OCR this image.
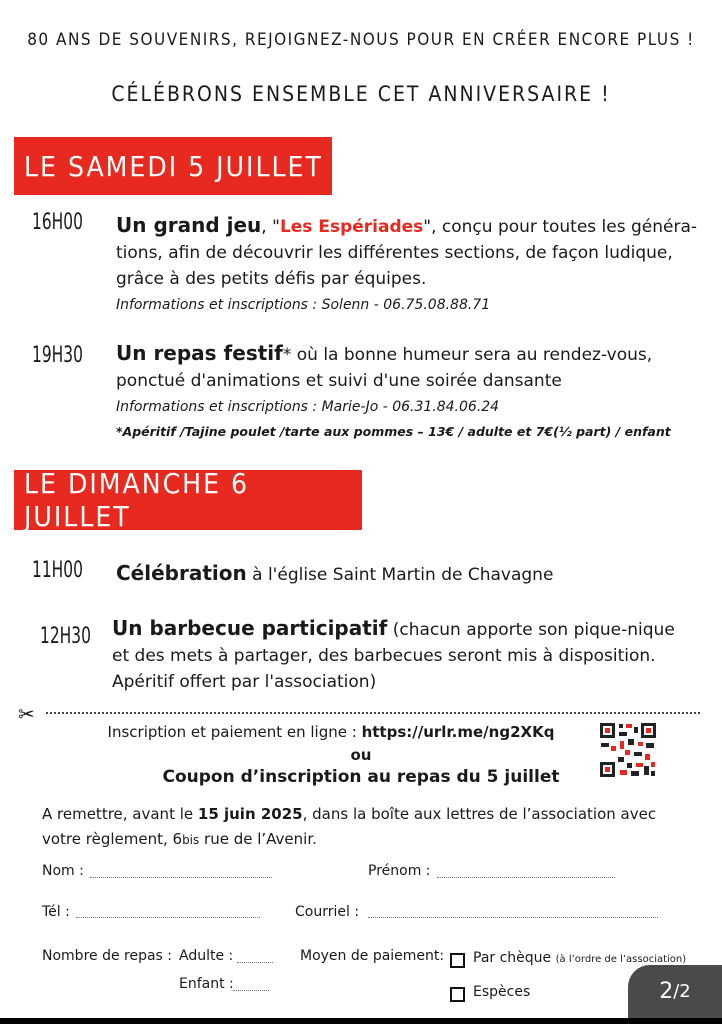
80 ANS DE SOUVENIRS, REJOIGNEZ-NOUS POUR EN CRÉER ENCORE PLUS !
CÉLÉBRONS ENSEMBLE CET ANNIVERSAIRE !
LE SAMEDI 5 JUILLET
16H00 Un grand jeu, "Les Espériades", conçu pour toutes les généra-
tions, afin de découvrir les différentes sections, de façon ludique,
grâce à des petits défis par équipes.
Informations et inscriptions : Solenn - 06.75.08.88.71
19H30 Un repas festif* où la bonne humeur sera au rendez-vous,
ponctué d'animations et suivi d'une soirée dansante
Informations et inscriptions : Marie-Jo - 06.31.84.06.24
*Apéritif /Tajine poulet /tarte aux pommes – 13€ / adulte et 7€(½ part) / enfant
LE DIMANCHE 6 JUILLET
11H00 Célébration à l'église Saint Martin de Chavagne
12H30 Un barbecue participatif (chacun apporte son pique-nique
et des mets à partager, des barbecues seront mis à disposition.
Apéritif offert par l'association)
✂
Inscription et paiement en ligne : https://urlr.me/ng2XKq
ou
Coupon d’inscription au repas du 5 juillet
A remettre, avant le 15 juin 2025, dans la boîte aux lettres de l’association avec
votre règlement, 6bis rue de l’Avenir.
Nom :	Prénom :
Tél :	Courriel :
Nombre de repas : Adulte :
Enfant :
Moyen de paiement: Par chèque (à l’ordre de l’association)
Espèces	2 /2
